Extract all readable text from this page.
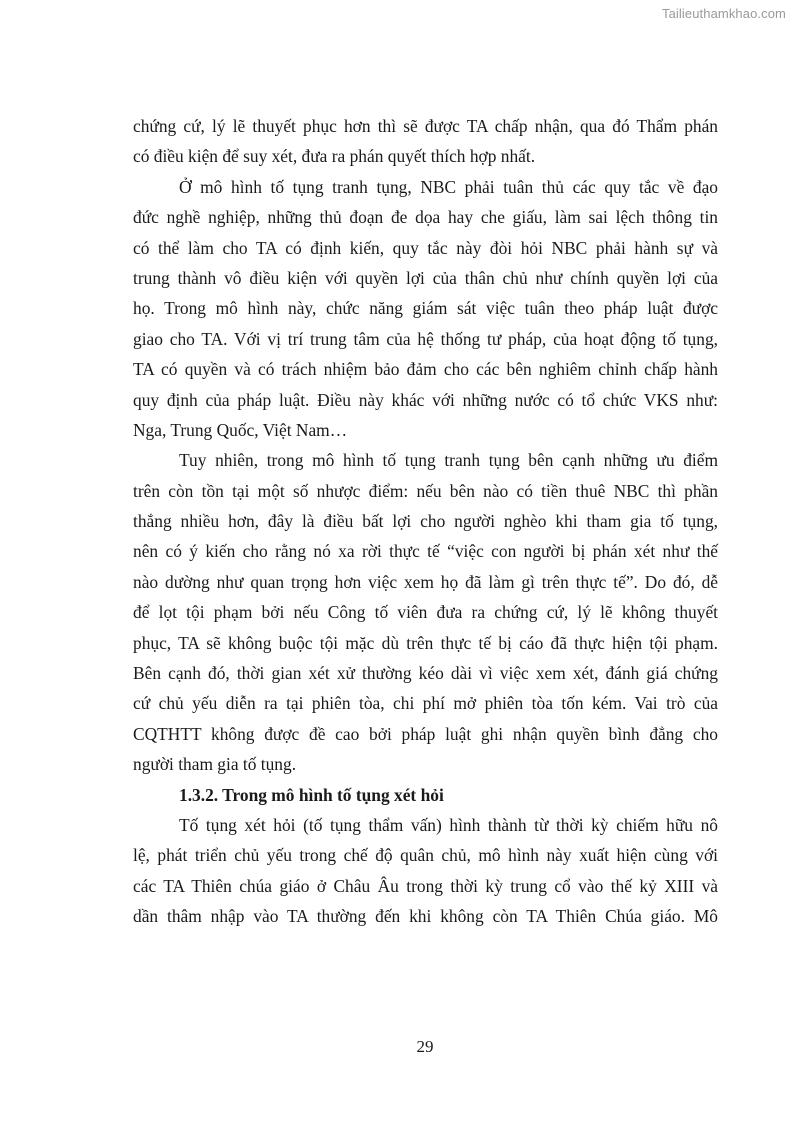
Tailieuthamkhao.com
chứng cứ, lý lẽ thuyết phục hơn thì sẽ được TA chấp nhận, qua đó Thẩm phán
có điều kiện để suy xét, đưa ra phán quyết thích hợp nhất.
Ở mô hình tố tụng tranh tụng, NBC phải tuân thủ các quy tắc về đạo
đức nghề nghiệp, những thủ đoạn đe dọa hay che giấu, làm sai lệch thông tin
có thể làm cho TA có định kiến, quy tắc này đòi hỏi NBC phải hành sự và
trung thành vô điều kiện với quyền lợi của thân chủ như chính quyền lợi của
họ. Trong mô hình này, chức năng giám sát việc tuân theo pháp luật được
giao cho TA. Với vị trí trung tâm của hệ thống tư pháp, của hoạt động tố tụng,
TA có quyền và có trách nhiệm bảo đảm cho các bên nghiêm chỉnh chấp hành
quy định của pháp luật. Điều này khác với những nước có tổ chức VKS như:
Nga, Trung Quốc, Việt Nam…
Tuy nhiên, trong mô hình tố tụng tranh tụng bên cạnh những ưu điểm
trên còn tồn tại một số nhược điểm: nếu bên nào có tiền thuê NBC thì phần
thắng nhiều hơn, đây là điều bất lợi cho người nghèo khi tham gia tố tụng,
nên có ý kiến cho rằng nó xa rời thực tế “việc con người bị phán xét như thế
nào dường như quan trọng hơn việc xem họ đã làm gì trên thực tế”. Do đó, dễ
để lọt tội phạm bởi nếu Công tố viên đưa ra chứng cứ, lý lẽ không thuyết
phục, TA sẽ không buộc tội mặc dù trên thực tế bị cáo đã thực hiện tội phạm.
Bên cạnh đó, thời gian xét xử thường kéo dài vì việc xem xét, đánh giá chứng
cứ chủ yếu diễn ra tại phiên tòa, chi phí mở phiên tòa tốn kém. Vai trò của
CQTHTT không được đề cao bởi pháp luật ghi nhận quyền bình đẳng cho
người tham gia tố tụng.
1.3.2. Trong mô hình tố tụng xét hỏi
Tố tụng xét hỏi (tố tụng thẩm vấn) hình thành từ thời kỳ chiếm hữu nô
lệ, phát triển chủ yếu trong chế độ quân chủ, mô hình này xuất hiện cùng với
các TA Thiên chúa giáo ở Châu Âu trong thời kỳ trung cổ vào thế kỷ XIII và
dần thâm nhập vào TA thường đến khi không còn TA Thiên Chúa giáo. Mô
29
